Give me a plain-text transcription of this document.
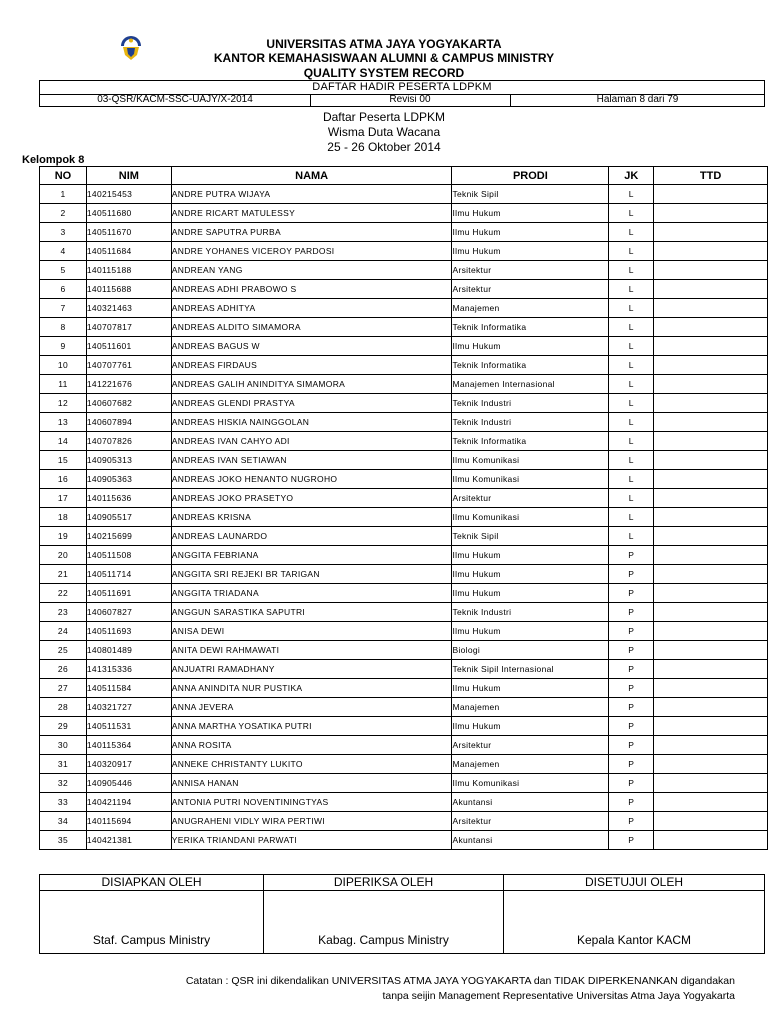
UNIVERSITAS ATMA JAYA YOGYAKARTA
KANTOR KEMAHASISWAAN ALUMNI & CAMPUS MINISTRY
QUALITY SYSTEM RECORD
DAFTAR HADIR PESERTA LDPKM
03-QSR/KACM-SSC-UAJY/X-2014	Revisi 00	Halaman 8 dari 79
Daftar Peserta LDPKM
Wisma Duta Wacana
25 - 26 Oktober 2014
Kelompok 8
NO	NIM	NAMA	PRODI	JK	TTD
1	140215453	ANDRE PUTRA WIJAYA	Teknik Sipil	L	
2	140511680	ANDRE RICART MATULESSY	Ilmu Hukum	L	
3	140511670	ANDRE SAPUTRA PURBA	Ilmu Hukum	L	
4	140511684	ANDRE YOHANES VICEROY PARDOSI	Ilmu Hukum	L	
5	140115188	ANDREAN YANG	Arsitektur	L	
6	140115688	ANDREAS ADHI PRABOWO S	Arsitektur	L	
7	140321463	ANDREAS ADHITYA	Manajemen	L	
8	140707817	ANDREAS ALDITO SIMAMORA	Teknik Informatika	L	
9	140511601	ANDREAS BAGUS W	Ilmu Hukum	L	
10	140707761	ANDREAS FIRDAUS	Teknik Informatika	L	
11	141221676	ANDREAS GALIH ANINDITYA SIMAMORA	Manajemen Internasional	L	
12	140607682	ANDREAS GLENDI PRASTYA	Teknik Industri	L	
13	140607894	ANDREAS HISKIA NAINGGOLAN	Teknik Industri	L	
14	140707826	ANDREAS IVAN CAHYO ADI	Teknik Informatika	L	
15	140905313	ANDREAS IVAN SETIAWAN	Ilmu Komunikasi	L	
16	140905363	ANDREAS JOKO HENANTO NUGROHO	Ilmu Komunikasi	L	
17	140115636	ANDREAS JOKO PRASETYO	Arsitektur	L	
18	140905517	ANDREAS KRISNA	Ilmu Komunikasi	L	
19	140215699	ANDREAS LAUNARDO	Teknik Sipil	L	
20	140511508	ANGGITA FEBRIANA	Ilmu Hukum	P	
21	140511714	ANGGITA SRI REJEKI BR TARIGAN	Ilmu Hukum	P	
22	140511691	ANGGITA TRIADANA	Ilmu Hukum	P	
23	140607827	ANGGUN SARASTIKA SAPUTRI	Teknik Industri	P	
24	140511693	ANISA DEWI	Ilmu Hukum	P	
25	140801489	ANITA DEWI RAHMAWATI	Biologi	P	
26	141315336	ANJUATRI RAMADHANY	Teknik Sipil Internasional	P	
27	140511584	ANNA ANINDITA NUR PUSTIKA	Ilmu Hukum	P	
28	140321727	ANNA JEVERA	Manajemen	P	
29	140511531	ANNA MARTHA YOSATIKA PUTRI	Ilmu Hukum	P	
30	140115364	ANNA ROSITA	Arsitektur	P	
31	140320917	ANNEKE CHRISTANTY LUKITO	Manajemen	P	
32	140905446	ANNISA HANAN	Ilmu Komunikasi	P	
33	140421194	ANTONIA PUTRI NOVENTININGTYAS	Akuntansi	P	
34	140115694	ANUGRAHENI VIDLY WIRA PERTIWI	Arsitektur	P	
35	140421381	YERIKA TRIANDANI PARWATI	Akuntansi	P	
DISIAPKAN OLEH	DIPERIKSA OLEH	DISETUJUI OLEH
Staf. Campus Ministry	Kabag. Campus Ministry	Kepala Kantor KACM
Catatan : QSR ini dikendalikan UNIVERSITAS ATMA JAYA YOGYAKARTA dan TIDAK DIPERKENANKAN digandakan
tanpa seijin Management Representative Universitas Atma Jaya Yogyakarta
